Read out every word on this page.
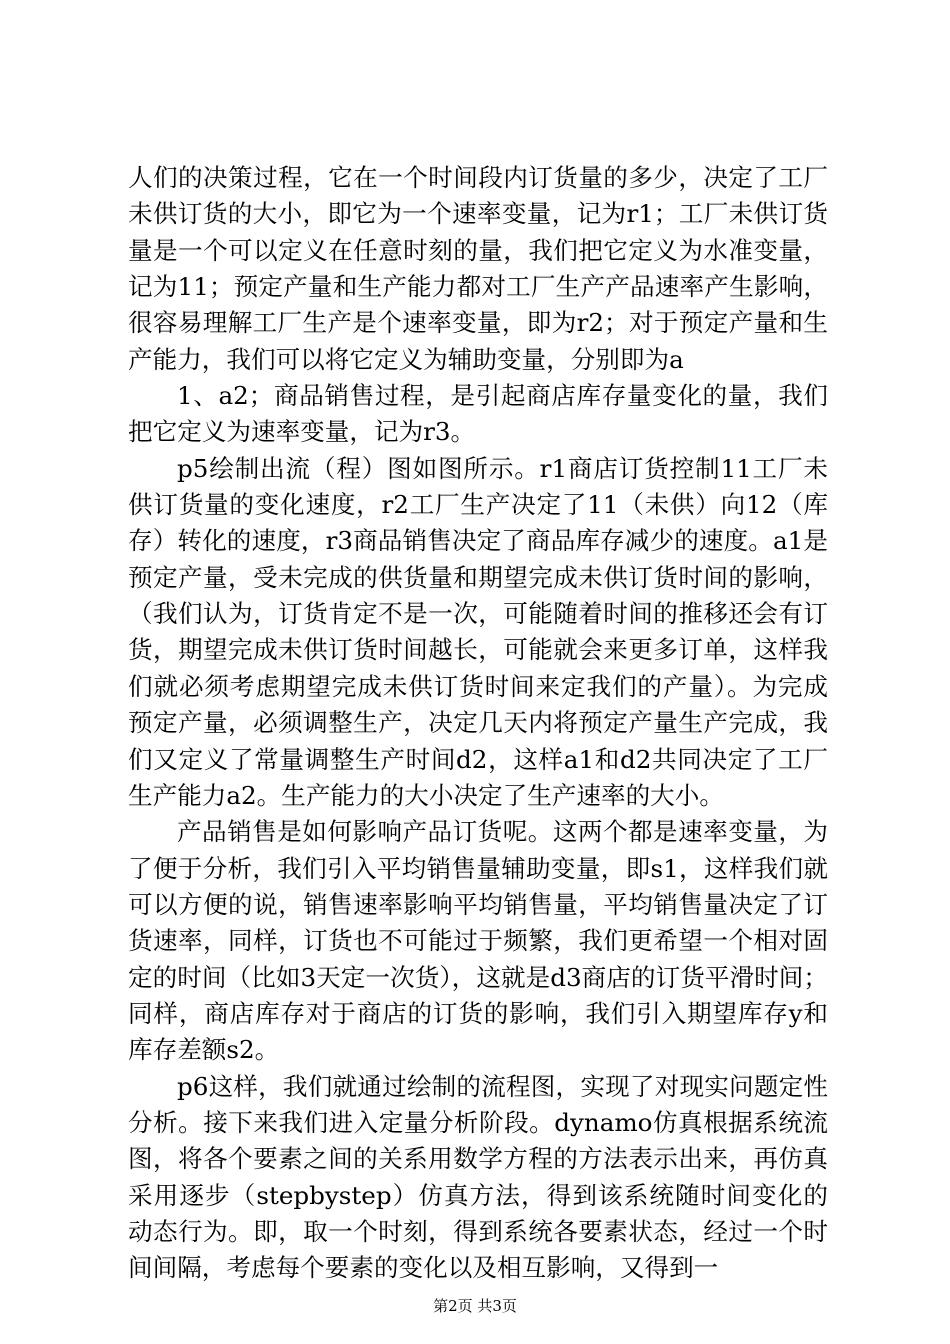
人们的决策过程，它在一个时间段内订货量的多少，决定了工厂未供订货的大小，即它为一个速率变量，记为r1；工厂未供订货量是一个可以定义在任意时刻的量，我们把它定义为水准变量，记为11；预定产量和生产能力都对工厂生产产品速率产生影响，很容易理解工厂生产是个速率变量，即为r2；对于预定产量和生产能力，我们可以将它定义为辅助变量，分别即为a

1、a2；商品销售过程，是引起商店库存量变化的量，我们把它定义为速率变量，记为r3。

p5绘制出流（程）图如图所示。r1商店订货控制11工厂未供订货量的变化速度，r2工厂生产决定了11（未供）向12（库存）转化的速度，r3商品销售决定了商品库存减少的速度。a1是预定产量，受未完成的供货量和期望完成未供订货时间的影响，（我们认为，订货肯定不是一次，可能随着时间的推移还会有订货，期望完成未供订货时间越长，可能就会来更多订单，这样我们就必须考虑期望完成未供订货时间来定我们的产量）。为完成预定产量，必须调整生产，决定几天内将预定产量生产完成，我们又定义了常量调整生产时间d2，这样a1和d2共同决定了工厂生产能力a2。生产能力的大小决定了生产速率的大小。

产品销售是如何影响产品订货呢。这两个都是速率变量，为了便于分析，我们引入平均销售量辅助变量，即s1，这样我们就可以方便的说，销售速率影响平均销售量，平均销售量决定了订货速率，同样，订货也不可能过于频繁，我们更希望一个相对固定的时间（比如3天定一次货），这就是d3商店的订货平滑时间；同样，商店库存对于商店的订货的影响，我们引入期望库存y和库存差额s2。

p6这样，我们就通过绘制的流程图，实现了对现实问题定性分析。接下来我们进入定量分析阶段。dynamo仿真根据系统流图，将各个要素之间的关系用数学方程的方法表示出来，再仿真采用逐步（stepbystep）仿真方法，得到该系统随时间变化的动态行为。即，取一个时刻，得到系统各要素状态，经过一个时间间隔，考虑每个要素的变化以及相互影响，又得到一

第2页 共3页
